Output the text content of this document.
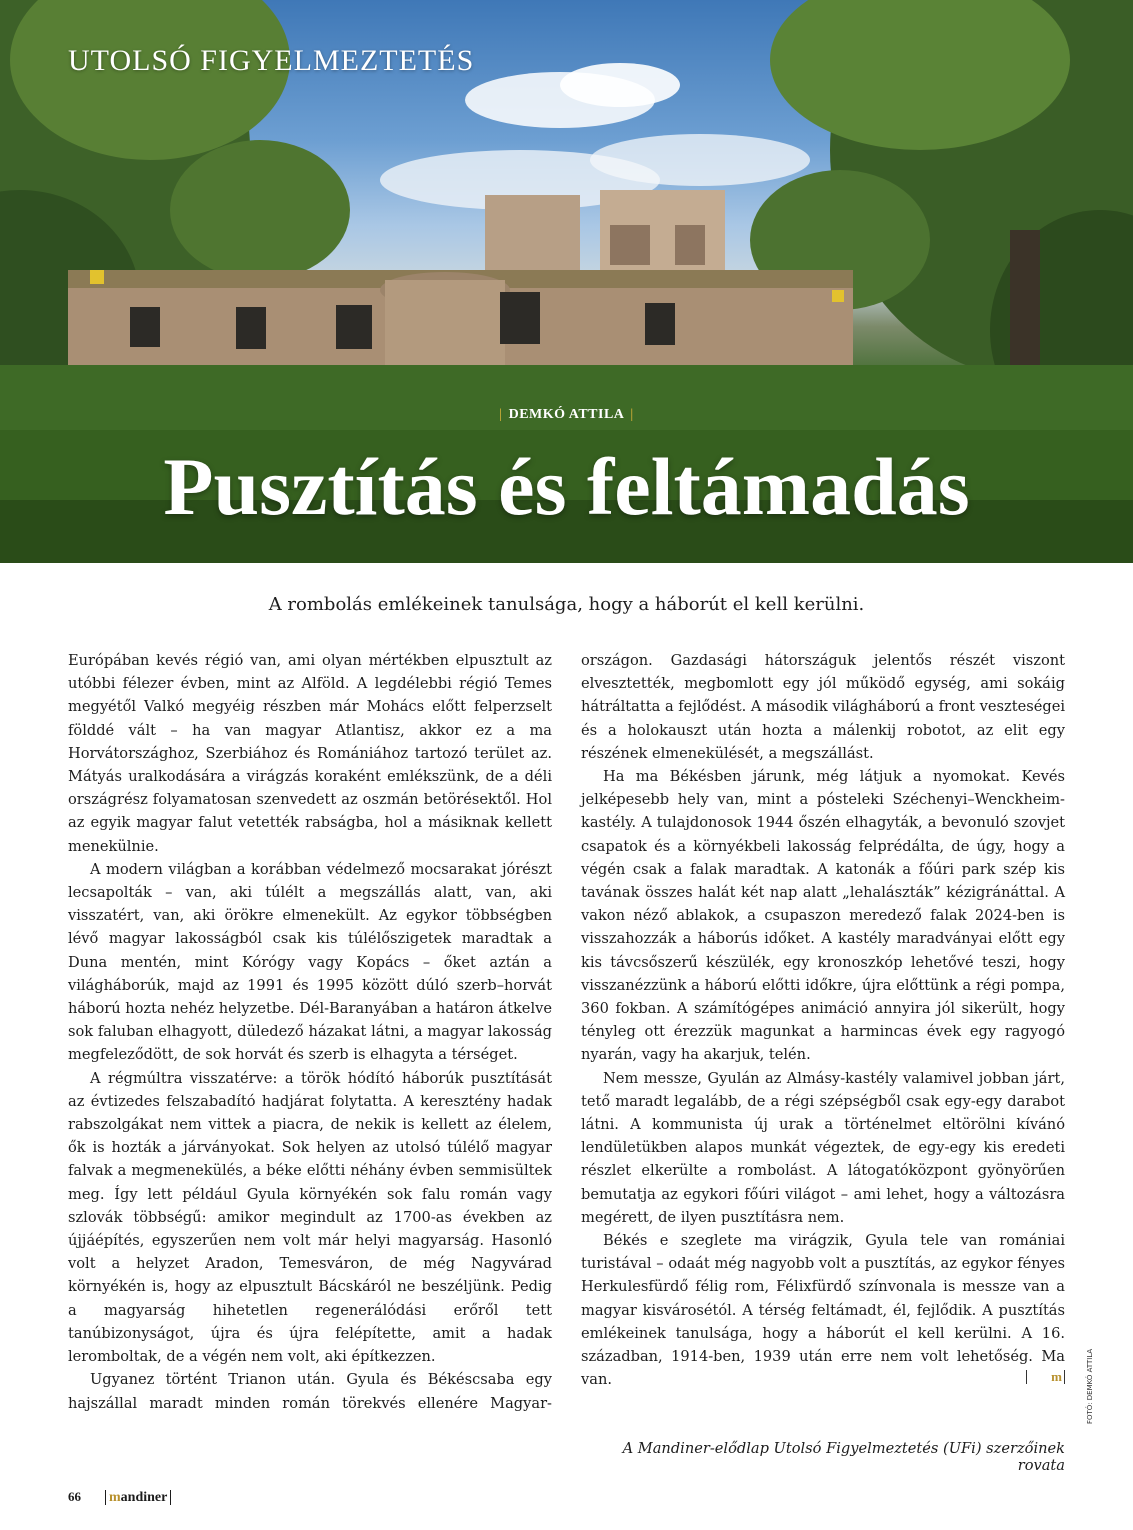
UTOLSÓ FIGYELMEZTETÉS
| DEMKÓ ATTILA |
Pusztítás és feltámadás
A rombolás emlékeinek tanulsága, hogy a háborút el kell kerülni.

Európában kevés régió van, ami olyan mértékben elpusztult az utóbbi félezer évben, mint az Alföld. A legdélebbi régió Temes megyétől Valkó megyéig részben már Mohács előtt felperzselt földdé vált – ha van magyar Atlantisz, akkor ez a ma Horvátországhoz, Szerbiához és Romániához tartozó terület az. Mátyás uralkodására a virágzás koraként emlékszünk, de a déli országrész folyamatosan szenvedett az oszmán betörésektől. Hol az egyik magyar falut vetették rabságba, hol a másiknak kellett menekülnie.

A modern világban a korábban védelmező mocsarakat jórészt lecsapolták – van, aki túlélt a megszállás alatt, van, aki visszatért, van, aki örökre elmenekült. Az egykor többségben lévő magyar lakosságból csak kis túlélőszigetek maradtak a Duna mentén, mint Kórógy vagy Kopács – őket aztán a világháborúk, majd az 1991 és 1995 között dúló szerb–horvát háború hozta nehéz helyzetbe. Dél-Baranyában a határon átkelve sok faluban elhagyott, düledező házakat látni, a magyar lakosság megfeleződött, de sok horvát és szerb is elhagyta a térséget.

A régmúltra visszatérve: a török hódító háborúk pusztítását az évtizedes felszabadító hadjárat folytatta. A keresztény hadak rabszolgákat nem vittek a piacra, de nekik is kellett az élelem, ők is hozták a járványokat. Sok helyen az utolsó túlélő magyar falvak a megmenekülés, a béke előtti néhány évben semmisültek meg. Így lett például Gyula környékén sok falu román vagy szlovák többségű: amikor megindult az 1700-as években az újjáépítés, egyszerűen nem volt már helyi magyarság. Hasonló volt a helyzet Aradon, Temesváron, de még Nagyvárad környékén is, hogy az elpusztult Bácskáról ne beszéljünk. Pedig a magyarság hihetetlen regenerálódási erőről tett tanúbizonyságot, újra és újra felépítette, amit a hadak leromboltak, de a végén nem volt, aki építkezzen.

Ugyanez történt Trianon után. Gyula és Békéscsaba egy hajszállal maradt minden román törekvés ellenére Magyar-

országon. Gazdasági hátországuk jelentős részét viszont elvesztették, megbomlott egy jól működő egység, ami sokáig hátráltatta a fejlődést. A második világháború a front veszteségei és a holokauszt után hozta a málenkij robotot, az elit egy részének elmenekülését, a megszállást.

Ha ma Békésben járunk, még látjuk a nyomokat. Kevés jelképesebb hely van, mint a pósteleki Széchenyi–Wenckheim-kastély. A tulajdonosok 1944 őszén elhagyták, a bevonuló szovjet csapatok és a környékbeli lakosság felprédálta, de úgy, hogy a végén csak a falak maradtak. A katonák a főúri park szép kis tavának összes halát két nap alatt „lehalászták” kézigránáttal. A vakon néző ablakok, a csupaszon meredező falak 2024-ben is visszahozzák a háborús időket. A kastély maradványai előtt egy kis távcsőszerű készülék, egy kronoszkóp lehetővé teszi, hogy visszanézzünk a háború előtti időkre, újra előttünk a régi pompa, 360 fokban. A számítógépes animáció annyira jól sikerült, hogy tényleg ott érezzük magunkat a harmincas évek egy ragyogó nyarán, vagy ha akarjuk, telén.

Nem messze, Gyulán az Almásy-kastély valamivel jobban járt, tető maradt legalább, de a régi szépségből csak egy-egy darabot látni. A kommunista új urak a történelmet eltörölni kívánó lendületükben alapos munkát végeztek, de egy-egy kis eredeti részlet elkerülte a rombolást. A látogatóközpont gyönyörűen bemutatja az egykori főúri világot – ami lehet, hogy a változásra megérett, de ilyen pusztításra nem.

Békés e szeglete ma virágzik, Gyula tele van romániai turistával – odaát még nagyobb volt a pusztítás, az egykor fényes Herkulesfürdő félig rom, Félixfürdő színvonala is messze van a magyar kisvárosétól. A térség feltámadt, él, fejlődik. A pusztítás emlékeinek tanulsága, hogy a háborút el kell kerülni. A 16. században, 1914-ben, 1939 után erre nem volt lehetőség. Ma van.	m

A Mandiner-elődlap Utolsó Figyelmeztetés (UFi) szerzőinek rovata
FOTÓ: DEMKÓ ATTILA
66 mandiner
